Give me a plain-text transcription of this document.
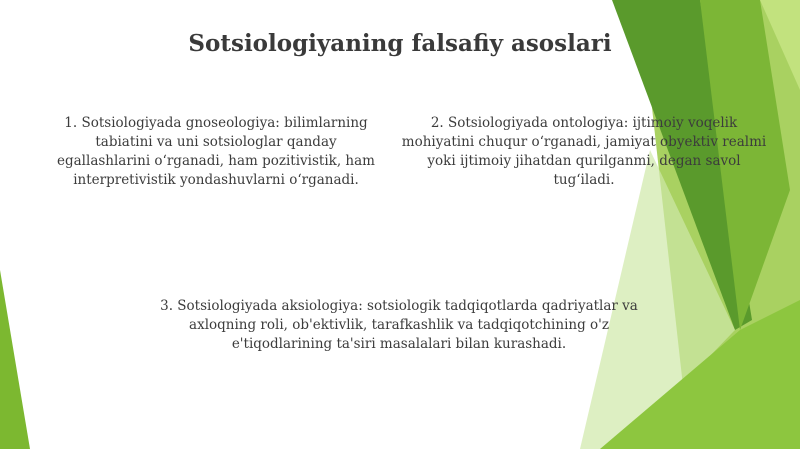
Sotsiologiyaning falsafiy asoslari
1. Sotsiologiyada gnoseologiya: bilimlarning tabiatini va uni sotsiologlar qanday egallashlarini o‘rganadi, ham pozitivistik, ham interpretivistik yondashuvlarni o‘rganadi.
2. Sotsiologiyada ontologiya: ijtimoiy voqelik mohiyatini chuqur o‘rganadi, jamiyat obyektiv realmi yoki ijtimoiy jihatdan qurilganmi, degan savol tug‘iladi.
3. Sotsiologiyada aksiologiya: sotsiologik tadqiqotlarda qadriyatlar va axloqning roli, ob'ektivlik, tarafkashlik va tadqiqotchining o'z e'tiqodlarining ta'siri masalalari bilan kurashadi.
